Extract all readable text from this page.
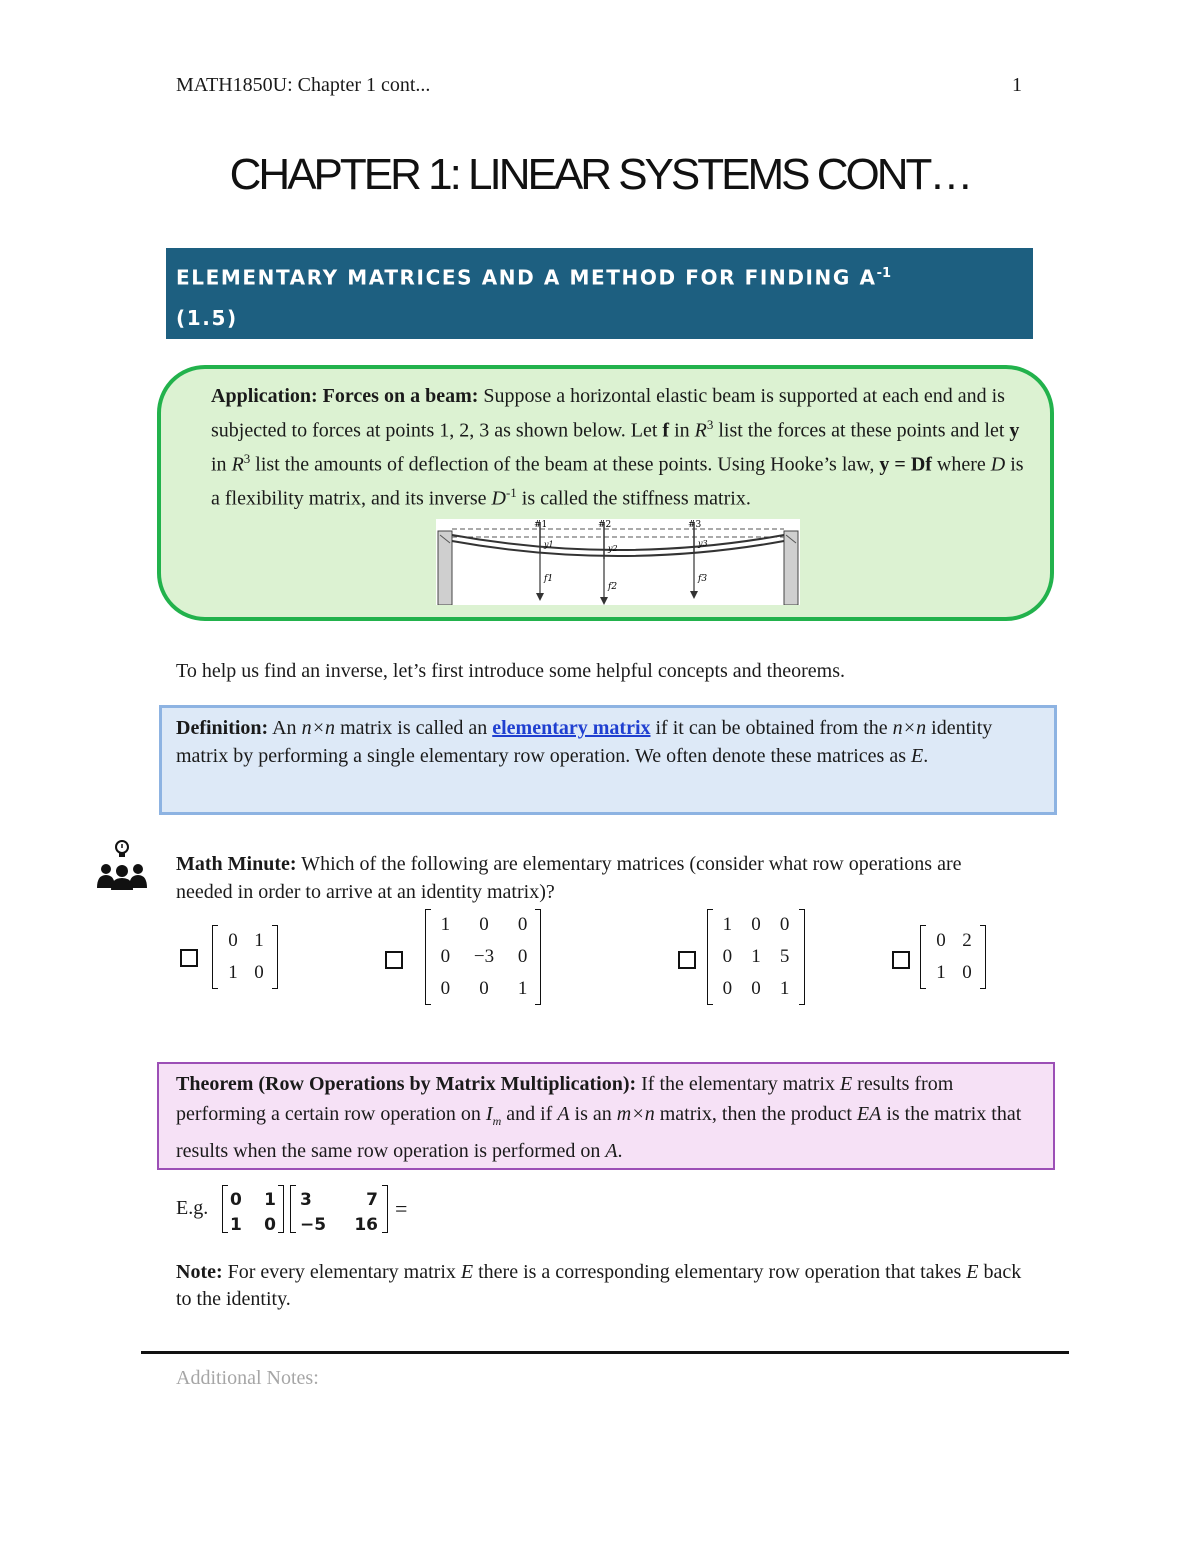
MATH1850U: Chapter 1 cont...	1
CHAPTER 1: LINEAR SYSTEMS CONT…
ELEMENTARY MATRICES AND A METHOD FOR FINDING $A^{-1}$
(1.5)
Application: Forces on a beam: Suppose a horizontal elastic beam is supported at each end and is subjected to forces at points 1, 2, 3 as shown below. Let f in $R^3$ list the forces at these points and let y in $R^3$ list the amounts of deflection of the beam at these points. Using Hooke’s law, y = Df where D is a flexibility matrix, and its inverse $D^{-1}$ is called the stiffness matrix.
#1	#2	#3
y1	y2
y3
f1
f2
f3
To help us find an inverse, let’s first introduce some helpful concepts and theorems.
Definition: An n×n matrix is called an elementary matrix if it can be obtained from the n×n identity matrix by performing a single elementary row operation. We often denote these matrices as E.
Math Minute: Which of the following are elementary matrices (consider what row operations are needed in order to arrive at an identity matrix)?
0	1
1	0
1	0	0
0	−3	0
0	0	1
1	0	0
0	1	5
0	0	1
0	2
1	0
Theorem (Row Operations by Matrix Multiplication): If the elementary matrix E results from performing a certain row operation on $I_m$ and if A is an m×n matrix, then the product EA is the matrix that results when the same row operation is performed on A.
E.g. 0	1
1	0
3	7
−5	16
=
Note: For every elementary matrix E there is a corresponding elementary row operation that takes E back to the identity.
Additional Notes:
